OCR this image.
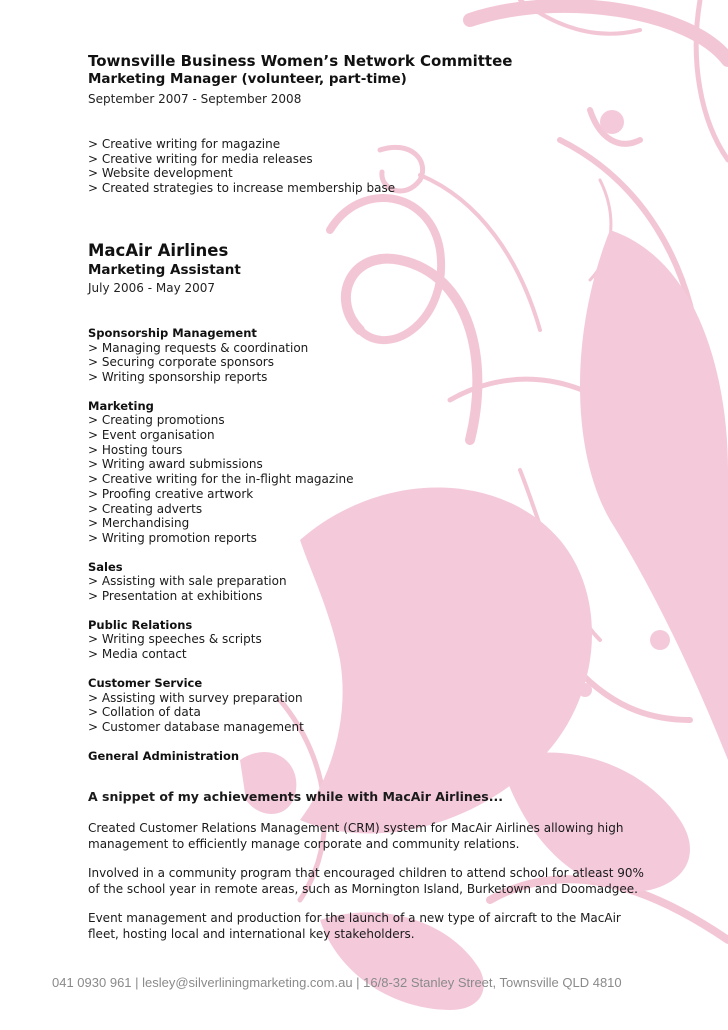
Townsville Business Women’s Network Committee
Marketing Manager (volunteer, part-time)
September 2007 - September 2008
> Creative writing for magazine
> Creative writing for media releases
> Website development
> Created strategies to increase membership base
MacAir Airlines
Marketing Assistant
July 2006 - May 2007
Sponsorship Management
> Managing requests & coordination
> Securing corporate sponsors
> Writing sponsorship reports
Marketing
> Creating promotions
> Event organisation
> Hosting tours
> Writing award submissions
> Creative writing for the in-flight magazine
> Proofing creative artwork
> Creating adverts
> Merchandising
> Writing promotion reports
Sales
> Assisting with sale preparation
> Presentation at exhibitions
Public Relations
> Writing speeches & scripts
> Media contact
Customer Service
> Assisting with survey preparation
> Collation of data
> Customer database management
General Administration
A snippet of my achievements while with MacAir Airlines...
Created Customer Relations Management (CRM) system for MacAir Airlines allowing high management to efficiently manage corporate and community relations.
Involved in a community program that encouraged children to attend school for atleast 90% of the school year in remote areas, such as Mornington Island, Burketown and Doomadgee.
Event management and production for the launch of a new type of aircraft to the MacAir fleet, hosting local and international key stakeholders.
041 0930 961 | lesley@silverliningmarketing.com.au | 16/8-32 Stanley Street, Townsville QLD 4810
